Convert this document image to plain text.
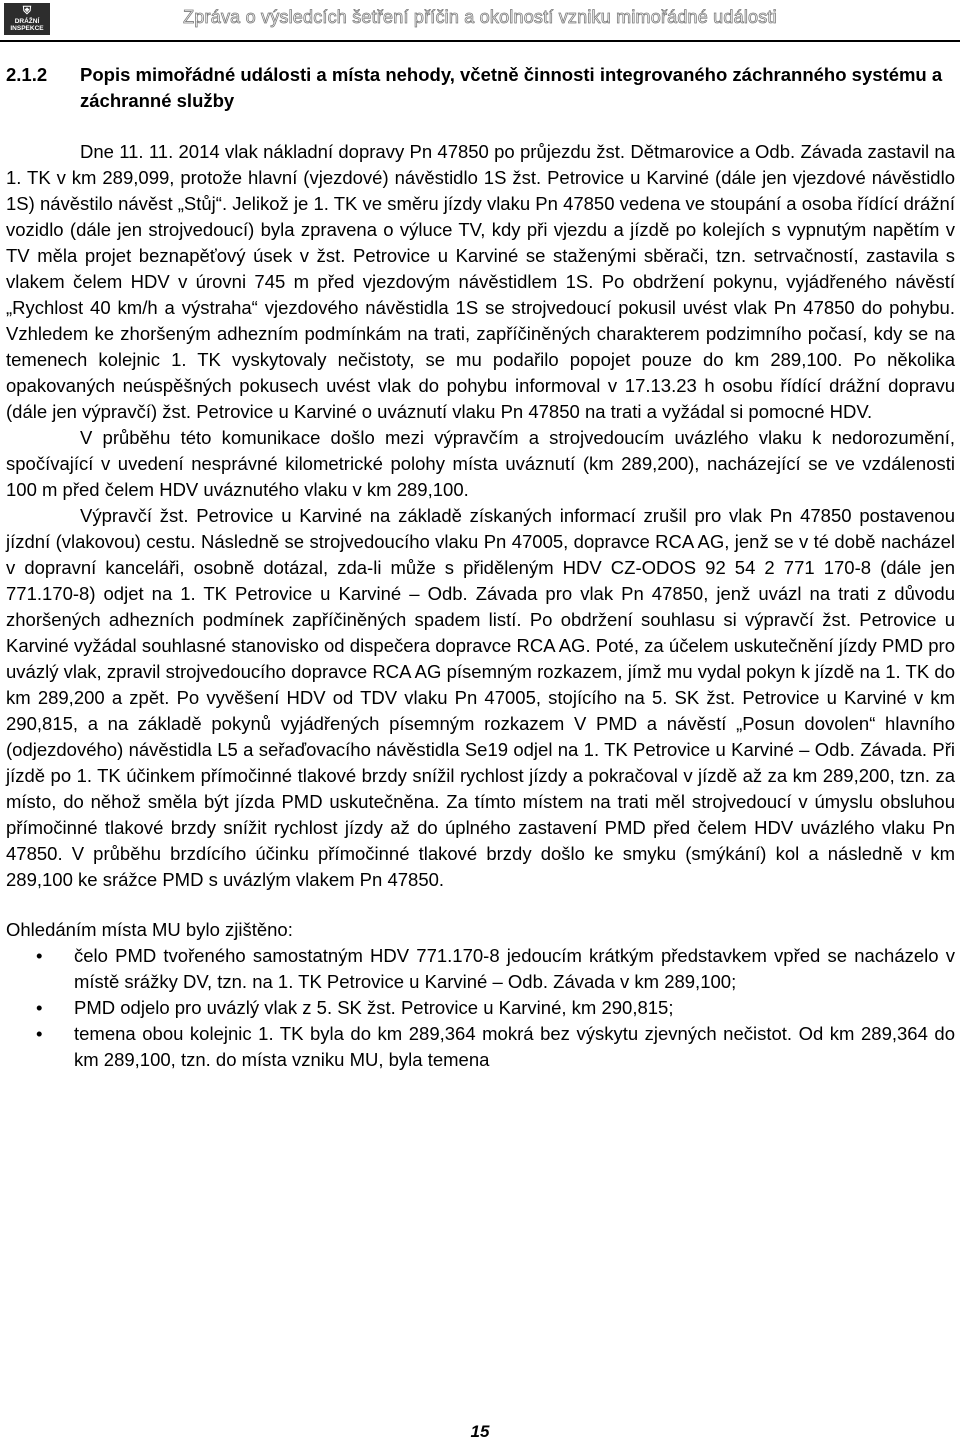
⛨
DRÁŽNÍ INSPEKCE
Zpráva o výsledcích šetření příčin a okolností vzniku mimořádné události
2.1.2	Popis mimořádné události a místa nehody, včetně činnosti integrovaného záchranného systému a záchranné služby

Dne 11. 11. 2014 vlak nákladní dopravy Pn 47850 po průjezdu žst. Dětmarovice a Odb. Závada zastavil na 1. TK v km 289,099, protože hlavní (vjezdové) návěstidlo 1S žst. Petrovice u Karviné (dále jen vjezdové návěstidlo 1S) návěstilo návěst „Stůj“. Jelikož je 1. TK ve směru jízdy vlaku Pn 47850 vedena ve stoupání a osoba řídící drážní vozidlo (dále jen strojvedoucí) byla zpravena o výluce TV, kdy při vjezdu a jízdě po kolejích s vypnutým napětím v TV měla projet beznapěťový úsek v žst. Petrovice u Karviné se staženými sběrači, tzn. setrvačností, zastavila s vlakem čelem HDV v úrovni 745 m před vjezdovým návěstidlem 1S. Po obdržení pokynu, vyjádřeného návěstí „Rychlost 40 km/h a výstraha“ vjezdového návěstidla 1S se strojvedoucí pokusil uvést vlak Pn 47850 do pohybu. Vzhledem ke zhoršeným adhezním podmínkám na trati, zapříčiněných charakterem podzimního počasí, kdy se na temenech kolejnic 1. TK vyskytovaly nečistoty, se mu podařilo popojet pouze do km 289,100. Po několika opakovaných neúspěšných pokusech uvést vlak do pohybu informoval v 17.13.23 h osobu řídící drážní dopravu (dále jen výpravčí) žst. Petrovice u Karviné o uváznutí vlaku Pn 47850 na trati a vyžádal si pomocné HDV.

V průběhu této komunikace došlo mezi výpravčím a strojvedoucím uvázlého vlaku k nedorozumění, spočívající v uvedení nesprávné kilometrické polohy místa uváznutí (km 289,200), nacházející se ve vzdálenosti 100 m před čelem HDV uváznutého vlaku v km 289,100.

Výpravčí žst. Petrovice u Karviné na základě získaných informací zrušil pro vlak Pn 47850 postavenou jízdní (vlakovou) cestu. Následně se strojvedoucího vlaku Pn 47005, dopravce RCA AG, jenž se v té době nacházel v dopravní kanceláři, osobně dotázal, zda-li může s přiděleným HDV CZ-ODOS 92 54 2 771 170-8 (dále jen 771.170-8) odjet na 1. TK Petrovice u Karviné – Odb. Závada pro vlak Pn 47850, jenž uvázl na trati z důvodu zhoršených adhezních podmínek zapříčiněných spadem listí. Po obdržení souhlasu si výpravčí žst. Petrovice u Karviné vyžádal souhlasné stanovisko od dispečera dopravce RCA AG. Poté, za účelem uskutečnění jízdy PMD pro uvázlý vlak, zpravil strojvedoucího dopravce RCA AG písemným rozkazem, jímž mu vydal pokyn k jízdě na 1. TK do km 289,200 a zpět. Po vyvěšení HDV od TDV vlaku Pn 47005, stojícího na 5. SK žst. Petrovice u Karviné v km 290,815, a na základě pokynů vyjádřených písemným rozkazem V PMD a návěstí „Posun dovolen“ hlavního (odjezdového) návěstidla L5 a seřaďovacího návěstidla Se19 odjel na 1. TK Petrovice u Karviné – Odb. Závada. Při jízdě po 1. TK účinkem přímočinné tlakové brzdy snížil rychlost jízdy a pokračoval v jízdě až za km 289,200, tzn. za místo, do něhož směla být jízda PMD uskutečněna. Za tímto místem na trati měl strojvedoucí v úmyslu obsluhou přímočinné tlakové brzdy snížit rychlost jízdy až do úplného zastavení PMD před čelem HDV uvázlého vlaku Pn 47850. V průběhu brzdícího účinku přímočinné tlakové brzdy došlo ke smyku (smýkání) kol a následně v km 289,100 ke srážce PMD s uvázlým vlakem Pn 47850.

Ohledáním místa MU bylo zjištěno:

• čelo PMD tvořeného samostatným HDV 771.170-8 jedoucím krátkým představkem vpřed se nacházelo v místě srážky DV, tzn. na 1. TK Petrovice u Karviné – Odb. Závada v km 289,100;
• PMD odjelo pro uvázlý vlak z 5. SK žst. Petrovice u Karviné, km 290,815;
• temena obou kolejnic 1. TK byla do km 289,364 mokrá bez výskytu zjevných nečistot. Od km 289,364 do km 289,100, tzn. do místa vzniku MU, byla temena
15
